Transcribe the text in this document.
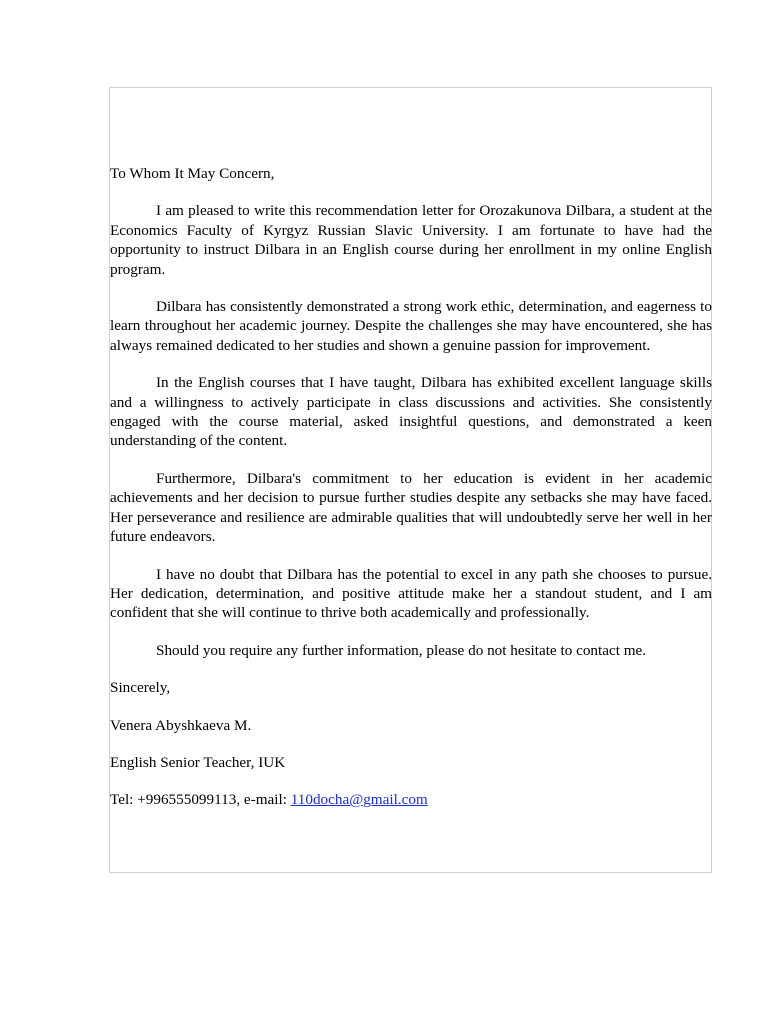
To Whom It May Concern,

I am pleased to write this recommendation letter for Orozakunova Dilbara, a student at the Economics Faculty of Kyrgyz Russian Slavic University. I am fortunate to have had the opportunity to instruct Dilbara in an English course during her enrollment in my online English program.

Dilbara has consistently demonstrated a strong work ethic, determination, and eagerness to learn throughout her academic journey. Despite the challenges she may have encountered, she has always remained dedicated to her studies and shown a genuine passion for improvement.

In the English courses that I have taught, Dilbara has exhibited excellent language skills and a willingness to actively participate in class discussions and activities. She consistently engaged with the course material, asked insightful questions, and demonstrated a keen understanding of the content.

Furthermore, Dilbara's commitment to her education is evident in her academic achievements and her decision to pursue further studies despite any setbacks she may have faced. Her perseverance and resilience are admirable qualities that will undoubtedly serve her well in her future endeavors.

I have no doubt that Dilbara has the potential to excel in any path she chooses to pursue. Her dedication, determination, and positive attitude make her a standout student, and I am confident that she will continue to thrive both academically and professionally.

Should you require any further information, please do not hesitate to contact me.

Sincerely,

Venera Abyshkaeva M.

English Senior Teacher, IUK

Tel: +996555099113, e-mail: 110docha@gmail.com
